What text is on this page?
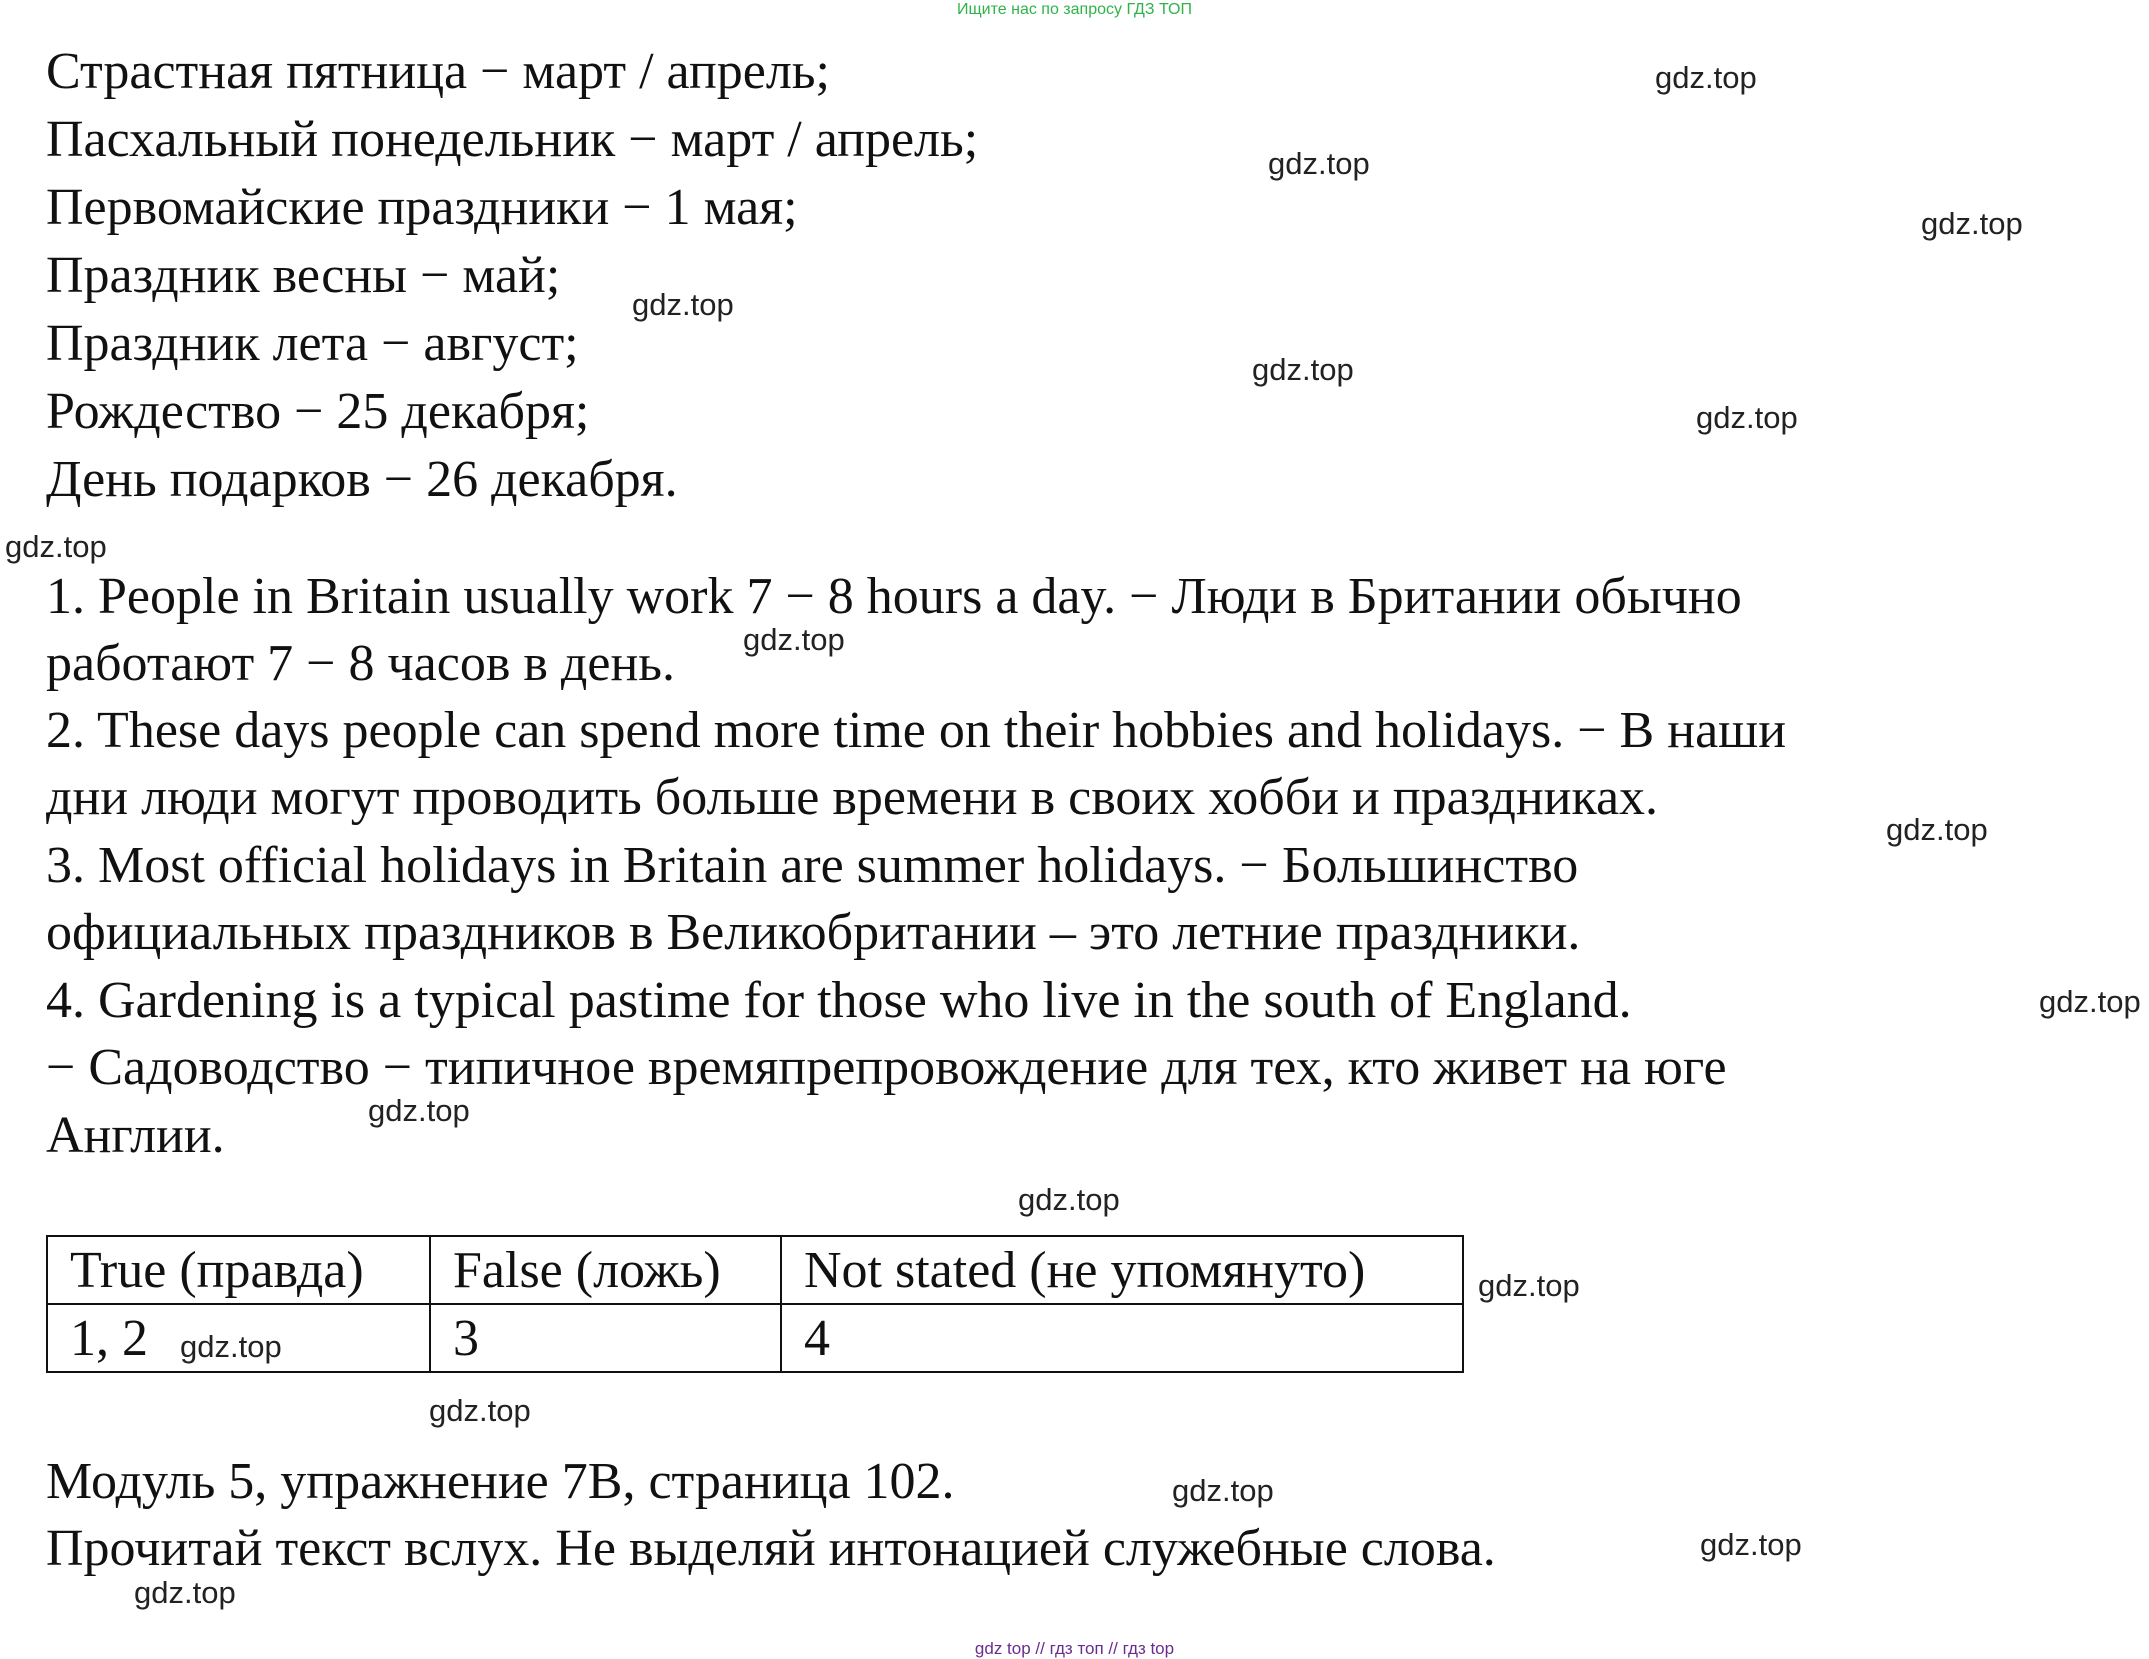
Ищите нас по запросу ГДЗ ТОП
Страстная пятница − март / апрель;
Пасхальный понедельник − март / апрель;
Первомайские праздники − 1 мая;
Праздник весны − май;
Праздник лета − август;
Рождество − 25 декабря;
День подарков − 26 декабря.
1. People in Britain usually work 7 − 8 hours a day. − Люди в Британии обычно
работают 7 − 8 часов в день.
2. These days people can spend more time on their hobbies and holidays. − В наши
дни люди могут проводить больше времени в своих хобби и праздниках.
3. Most official holidays in Britain are summer holidays. − Большинство
официальных праздников в Великобритании – это летние праздники.
4. Gardening is a typical pastime for those who live in the south of England.
− Садоводство − типичное времяпрепровождение для тех, кто живет на юге
Англии.
True (правда)	False (ложь)	Not stated (не упомянуто)
1, 2	3	4
Модуль 5, упражнение 7B, страница 102.
Прочитай текст вслух. Не выделяй интонацией служебные слова.
gdz.top
gdz.top
gdz.top
gdz.top
gdz.top
gdz.top
gdz.top
gdz.top
gdz.top
gdz.top
gdz.top
gdz.top
gdz.top
gdz.top
gdz.top
gdz.top
gdz.top
gdz.top
gdz top // гдз топ // гдз top
